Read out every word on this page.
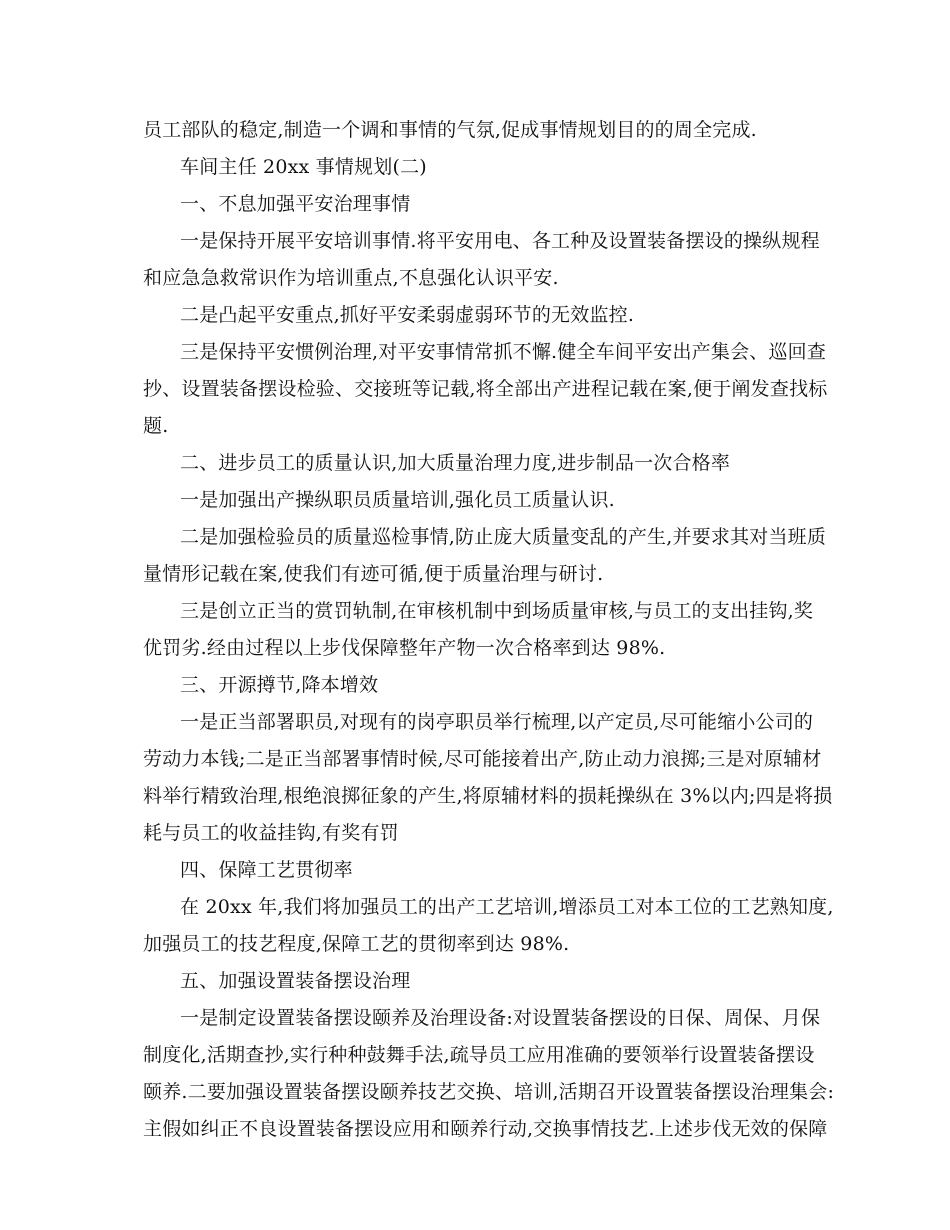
员工部队的稳定,制造一个调和事情的气氛,促成事情规划目的的周全完成.
车间主任 20xx 事情规划(二)
一、不息加强平安治理事情
一是保持开展平安培训事情.将平安用电、各工种及设置装备摆设的操纵规程
和应急急救常识作为培训重点,不息强化认识平安.
二是凸起平安重点,抓好平安柔弱虚弱环节的无效监控.
三是保持平安惯例治理,对平安事情常抓不懈.健全车间平安出产集会、巡回查
抄、设置装备摆设检验、交接班等记载,将全部出产进程记载在案,便于阐发查找标
题.
二、进步员工的质量认识,加大质量治理力度,进步制品一次合格率
一是加强出产操纵职员质量培训,强化员工质量认识.
二是加强检验员的质量巡检事情,防止庞大质量变乱的产生,并要求其对当班质
量情形记载在案,使我们有迹可循,便于质量治理与研讨.
三是创立正当的赏罚轨制,在审核机制中到场质量审核,与员工的支出挂钩,奖
优罚劣.经由过程以上步伐保障整年产物一次合格率到达 98%.
三、开源撙节,降本增效
一是正当部署职员,对现有的岗亭职员举行梳理,以产定员,尽可能缩小公司的
劳动力本钱;二是正当部署事情时候,尽可能接着出产,防止动力浪掷;三是对原辅材
料举行精致治理,根绝浪掷征象的产生,将原辅材料的损耗操纵在 3%以内;四是将损
耗与员工的收益挂钩,有奖有罚
四、保障工艺贯彻率
在 20xx 年,我们将加强员工的出产工艺培训,增添员工对本工位的工艺熟知度,
加强员工的技艺程度,保障工艺的贯彻率到达 98%.
五、加强设置装备摆设治理
一是制定设置装备摆设颐养及治理设备:对设置装备摆设的日保、周保、月保
制度化,活期查抄,实行种种鼓舞手法,疏导员工应用准确的要领举行设置装备摆设
颐养.二要加强设置装备摆设颐养技艺交换、培训,活期召开设置装备摆设治理集会:
主假如纠正不良设置装备摆设应用和颐养行动,交换事情技艺.上述步伐无效的保障
